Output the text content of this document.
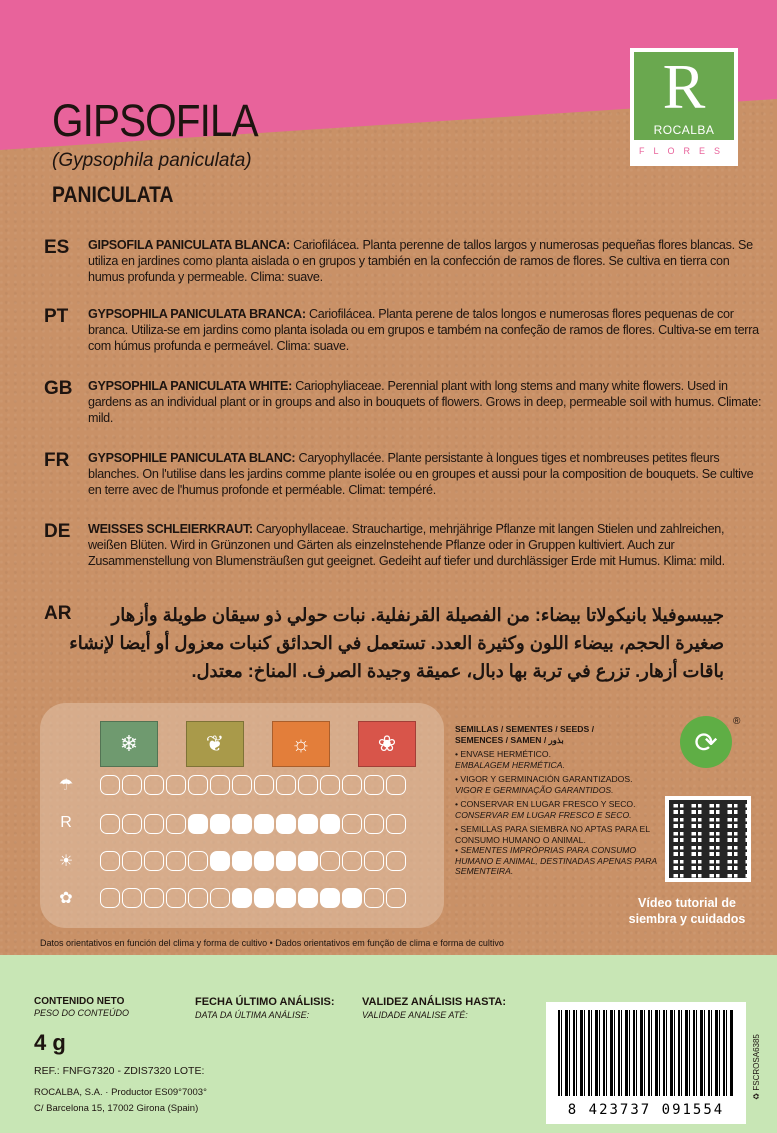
R
ROCALBA
FLORES
GIPSOFILA
(Gypsophila paniculata)
PANICULATA
ES GIPSOFILA PANICULATA BLANCA: Cariofilácea. Planta perenne de tallos largos y numerosas pequeñas flores blancas. Se utiliza en jardines como planta aislada o en grupos y también en la confección de ramos de flores. Se cultiva en tierra con humus profunda y permeable. Clima: suave.
PT GYPSOPHILA PANICULATA BRANCA: Cariofilácea. Planta perene de talos longos e numerosas flores pequenas de cor branca. Utiliza-se em jardins como planta isolada ou em grupos e também na confeção de ramos de flores. Cultiva-se em terra com húmus profunda e permeável. Clima: suave.
GB GYPSOPHILA PANICULATA WHITE: Cariophyliaceae. Perennial plant with long stems and many white flowers. Used in gardens as an individual plant or in groups and also in bouquets of flowers. Grows in deep, permeable soil with humus. Climate: mild.
FR GYPSOPHILE PANICULATA BLANC: Caryophyllacée. Plante persistante à longues tiges et nombreuses petites fleurs blanches. On l'utilise dans les jardins comme plante isolée ou en groupes et aussi pour la composition de bouquets. Se cultive en terre avec de l'humus profonde et perméable. Climat: tempéré.
DE WEISSES SCHLEIERKRAUT: Caryophyllaceae. Strauchartige, mehrjährige Pflanze mit langen Stielen und zahlreichen, weißen Blüten. Wird in Grünzonen und Gärten als einzelnstehende Pflanze oder in Gruppen kultiviert. Auch zur Zusammenstellung von Blumensträußen gut geeignet. Gedeiht auf tiefer und durchlässiger Erde mit Humus. Klima: mild.
AR	جيبسوفيلا بانيكولاتا بيضاء: من الفصيلة القرنفلية. نبات حولي ذو سيقان طويلة وأزهار صغيرة الحجم، بيضاء اللون وكثيرة العدد. تستعمل في الحدائق كنبات معزول أو أيضا لإنشاء باقات أزهار. تزرع في تربة بها دبال، عميقة وجيدة الصرف. المناخ: معتدل.
❄	❦	☼	❀
☂
R
☀
✿
SEMILLAS / SEMENTES / SEEDS /
SEMENCES / SAMEN / بذور
• ENVASE HERMÉTICO.
EMBALAGEM HERMÉTICA.
• VIGOR Y GERMINACIÓN GARANTIZADOS.
VIGOR E GERMINAÇÃO GARANTIDOS.
• CONSERVAR EN LUGAR FRESCO Y SECO.
CONSERVAR EM LUGAR FRESCO E SECO.
• SEMILLAS PARA SIEMBRA NO APTAS PARA EL CONSUMO HUMANO O ANIMAL.
• SEMENTES IMPRÓPRIAS PARA CONSUMO HUMANO E ANIMAL, DESTINADAS APENAS PARA SEMENTEIRA.
⟳
®
Vídeo tutorial de
siembra y cuidados
Datos orientativos en función del clima y forma de cultivo • Dados orientativos em função de clima e forma de cultivo
CONTENIDO NETO
PESO DO CONTEÚDO
4 g
FECHA ÚLTIMO ANÁLISIS:
DATA DA ÚLTIMA ANÁLISE:
VALIDEZ ANÁLISIS HASTA:
VALIDADE ANALISE ATÉ:
REF.: FNFG7320 - ZDIS7320 LOTE:
ROCALBA, S.A. · Productor ES09°7003°
C/ Barcelona 15, 17002 Girona (Spain)	8 423737 091554
♻ FSCROSA6385
